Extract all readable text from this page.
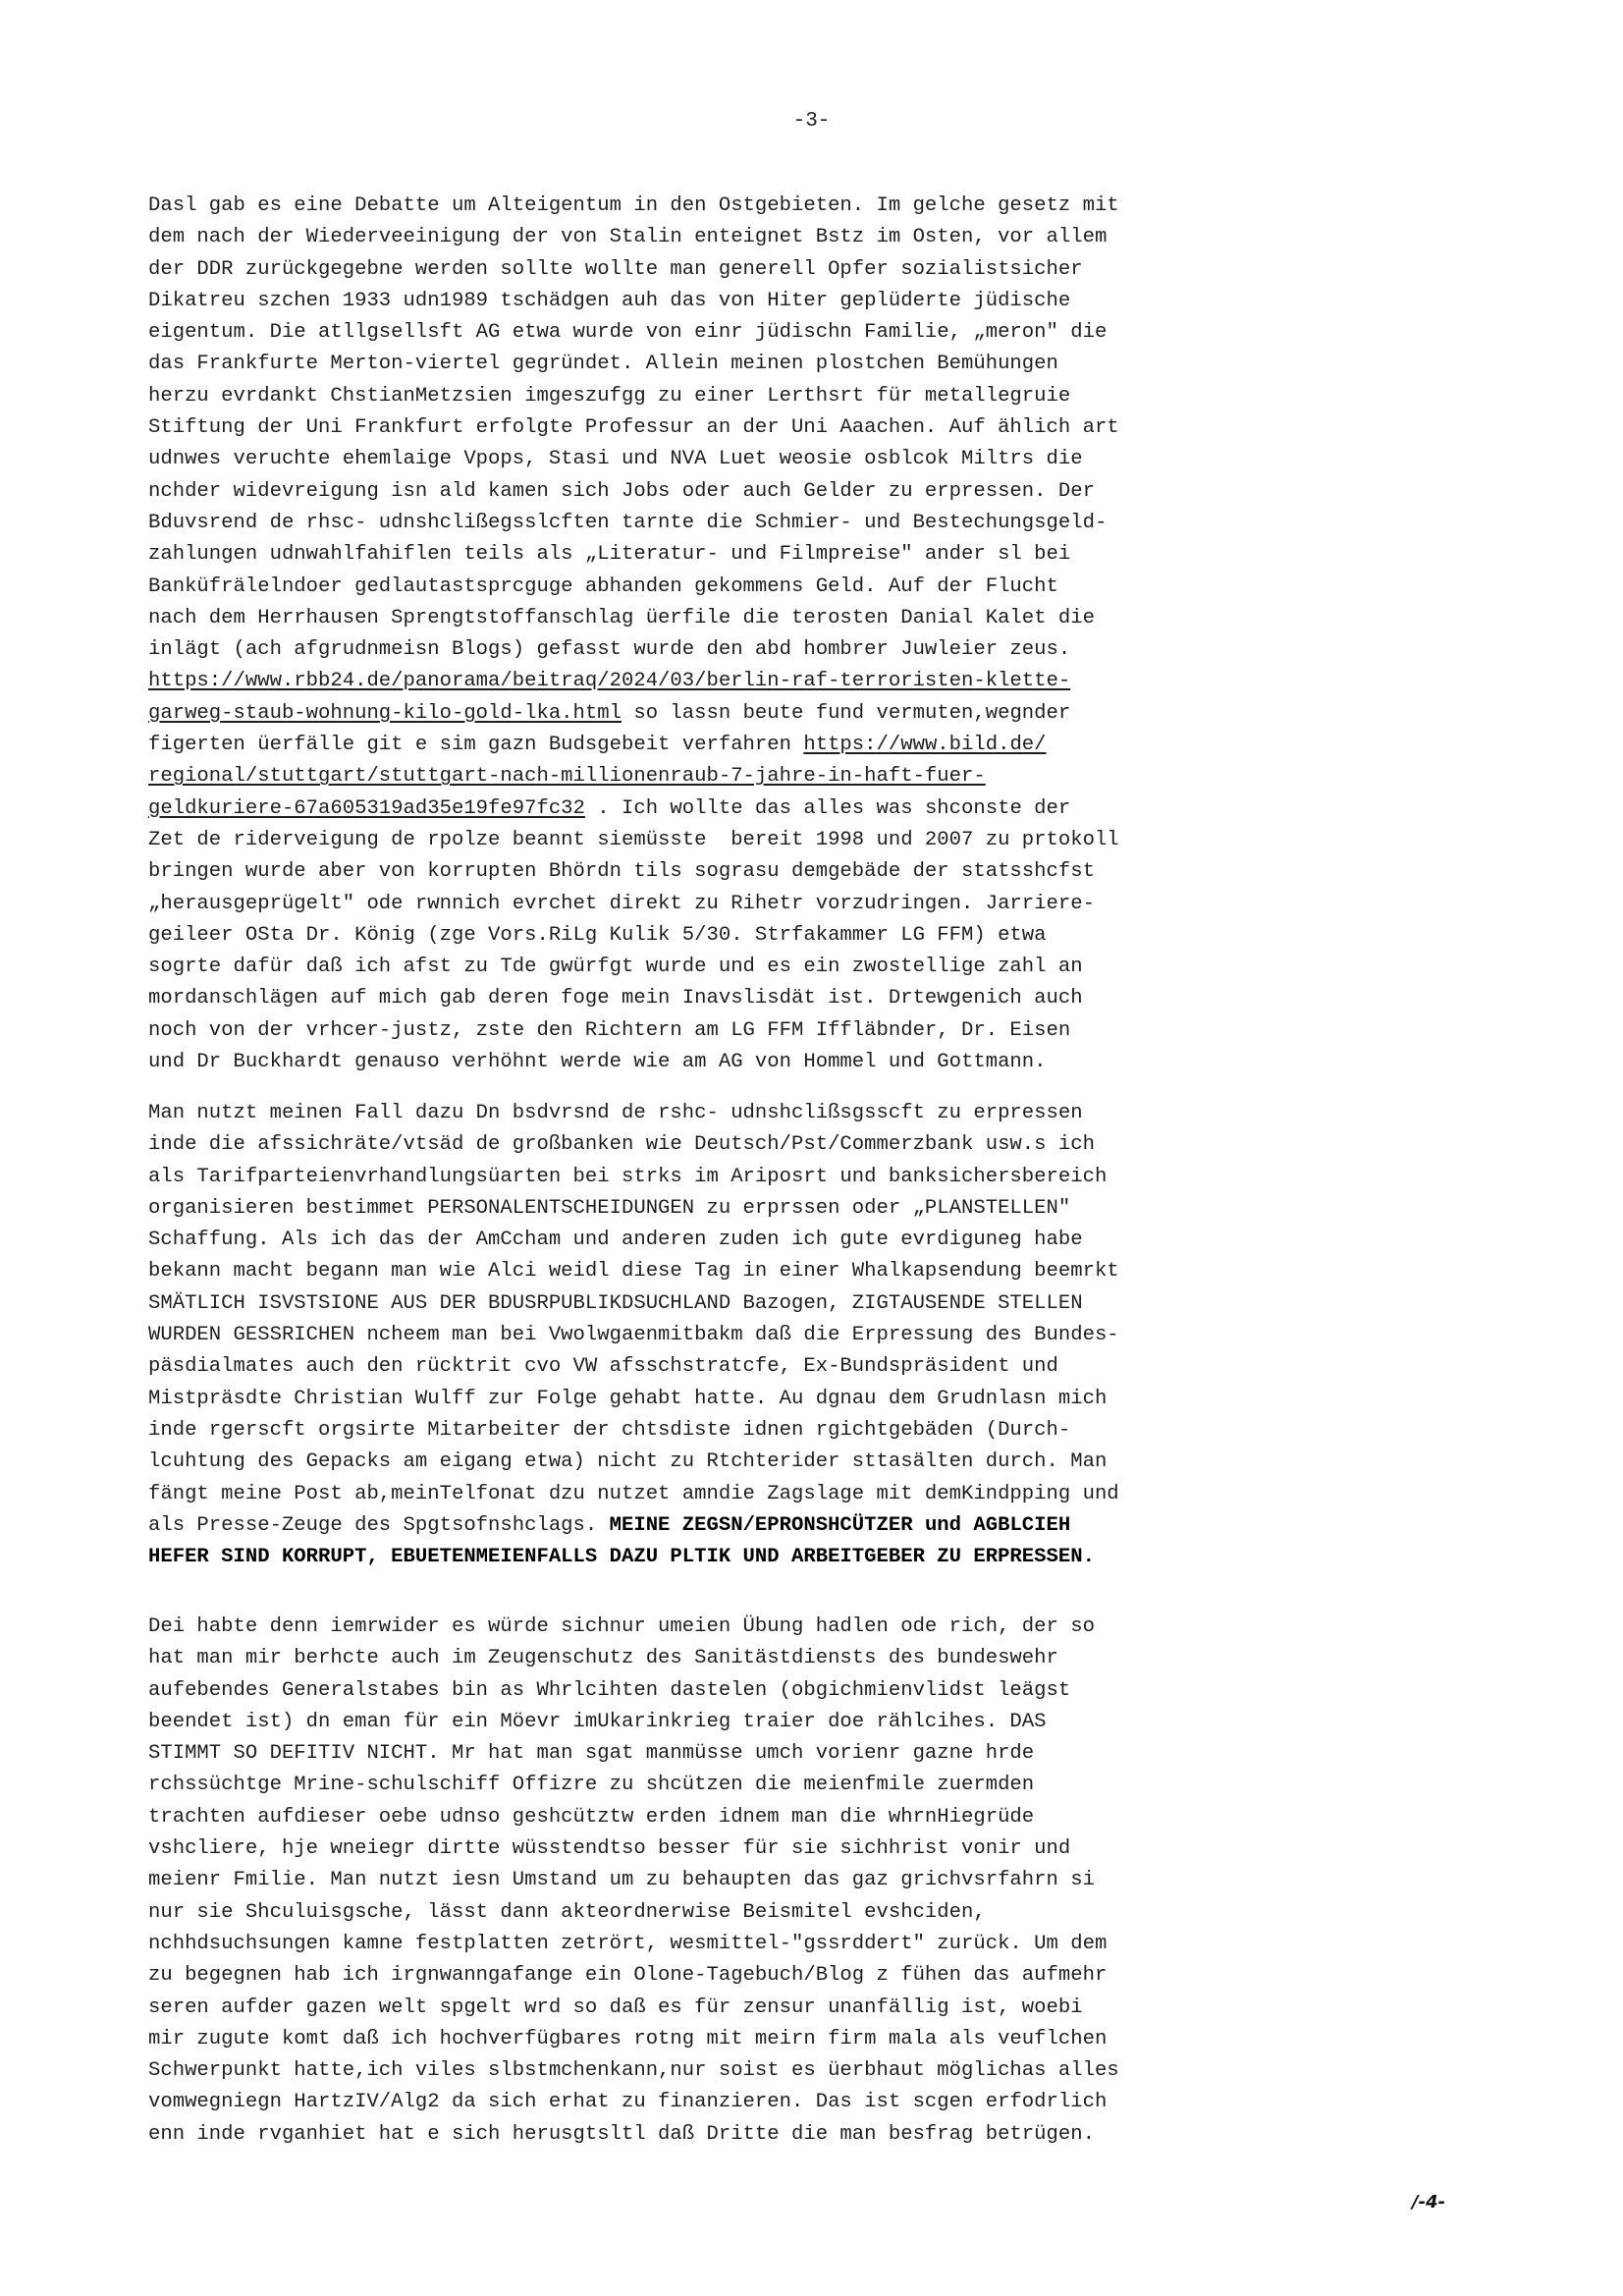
-3-
Dasl gab es eine Debatte um Alteigentum in den Ostgebieten. Im gelche gesetz mit
dem nach der Wiederveeinigung der von Stalin enteignet Bstz im Osten, vor allem
der DDR zurückgegebne werden sollte wollte man generell Opfer sozialistsicher
Dikatreu szchen 1933 udn1989 tschädgen auh das von Hiter geplüderte jüdische
eigentum. Die atllgsellsft AG etwa wurde von einr jüdischn Familie, „meron" die
das Frankfurte Merton-viertel gegründet. Allein meinen plostchen Bemühungen
herzu evrdankt ChstianMetzsien imgeszufgg zu einer Lerthsrt für metallegruie
Stiftung der Uni Frankfurt erfolgte Professur an der Uni Aaachen. Auf ählich art
udnwes veruchte ehemlaige Vpops, Stasi und NVA Luet weosie osblcok Miltrs die
nchder widevreigung isn ald kamen sich Jobs oder auch Gelder zu erpressen. Der
Bduvsrend de rhsc- udnshclißegsslcften tarnte die Schmier- und Bestechungsgeld-
zahlungen udnwahlfahiflen teils als „Literatur- und Filmpreise" ander sl bei
Banküfrälelndoer gedlautastsprcguge abhanden gekommens Geld. Auf der Flucht
nach dem Herrhausen Sprengtstoffanschlag üerfile die terosten Danial Kalet die
inlägt (ach afgrudnmeisn Blogs) gefasst wurde den abd hombrer Juwleier zeus.
https://www.rbb24.de/panorama/beitraq/2024/03/berlin-raf-terroristen-klette-
garweg-staub-wohnung-kilo-gold-lka.html so lassn beute fund vermuten,wegnder
figerten üerfälle git e sim gazn Budsgebeit verfahren https://www.bild.de/
regional/stuttgart/stuttgart-nach-millionenraub-7-jahre-in-haft-fuer-
geldkuriere-67a605319ad35e19fe97fc32 . Ich wollte das alles was shconste der
Zet de riderveigung de rpolze beannt siemüsste  bereit 1998 und 2007 zu prtokoll
bringen wurde aber von korrupten Bhördn tils sograsu demgebäde der statsshcfst
„herausgeprügelt" ode rwnnich evrchet direkt zu Rihetr vorzudringen. Jarriere-
geileer OSta Dr. König (zge Vors.RiLg Kulik 5/30. Strfakammer LG FFM) etwa
sogrte dafür daß ich afst zu Tde gwürfgt wurde und es ein zwostellige zahl an
mordanschlägen auf mich gab deren foge mein Inavslisdät ist. Drtewgenich auch
noch von der vrhcer-justz, zste den Richtern am LG FFM Iffläbnder, Dr. Eisen
und Dr Buckhardt genauso verhöhnt werde wie am AG von Hommel und Gottmann.
Man nutzt meinen Fall dazu Dn bsdvrsnd de rshc- udnshclißsgsscft zu erpressen
inde die afssichräte/vtsäd de großbanken wie Deutsch/Pst/Commerzbank usw.s ich
als Tarifparteienvrhandlungsüarten bei strks im Ariposrt und banksichersbereich
organisieren bestimmet PERSONALENTSCHEIDUNGEN zu erprssen oder „PLANSTELLEN"
Schaffung. Als ich das der AmCcham und anderen zuden ich gute evrdiguneg habe
bekann macht begann man wie Alci weidl diese Tag in einer Whalkapsendung beemrkt
SMÄTLICH ISVSTSIONE AUS DER BDUSRPUBLIKDSUCHLAND Bazogen, ZIGTAUSENDE STELLEN
WURDEN GESSRICHEN ncheem man bei Vwolwgaenmitbakm daß die Erpressung des Bundes-
päsdialmates auch den rücktrit cvo VW afsschstratcfe, Ex-Bundspräsident und
Mistpräsdte Christian Wulff zur Folge gehabt hatte. Au dgnau dem Grudnlasn mich
inde rgerscft orgsirte Mitarbeiter der chtsdiste idnen rgichtgebäden (Durch-
lcuhtung des Gepacks am eigang etwa) nicht zu Rtchterider sttasälten durch. Man
fängt meine Post ab,meinTelfonat dzu nutzet amndie Zagslage mit demKindpping und
als Presse-Zeuge des Spgtsofnshclags. MEINE ZEGSN/EPRONSHCÜTZER und AGBLCIEH
HEFER SIND KORRUPT, EBUETENMEIENFALLS DAZU PLTIK UND ARBEITGEBER ZU ERPRESSEN.
Dei habte denn iemrwider es würde sichnur umeien Übung hadlen ode rich, der so
hat man mir berhcte auch im Zeugenschutz des Sanitästdiensts des bundeswehr
aufebendes Generalstabes bin as Whrlcihten dastelen (obgichmienvlidst leägst
beendet ist) dn eman für ein Möevr imUkarinkrieg traier doe rählcihes. DAS
STIMMT SO DEFITIV NICHT. Mr hat man sgat manmüsse umch vorienr gazne hrde
rchssüchtge Mrine-schulschiff Offizre zu shcützen die meienfmile zuermden
trachten aufdieser oebe udnso geshcütztw erden idnem man die whrnHiegrüde
vshcliere, hje wneiegr dirtte wüsstendtso besser für sie sichhrist vonir und
meienr Fmilie. Man nutzt iesn Umstand um zu behaupten das gaz grichvsrfahrn si
nur sie Shculuisgsche, lässt dann akteordnerwise Beismitel evshciden,
nchhdsuchsungen kamne festplatten zetrört, wesmittel-"gssrddert" zurück. Um dem
zu begegnen hab ich irgnwanngafange ein Olone-Tagebuch/Blog z fühen das aufmehr
seren aufder gazen welt spgelt wrd so daß es für zensur unanfällig ist, woebi
mir zugute komt daß ich hochverfügbares rotng mit meirn firm mala als veuflchen
Schwerpunkt hatte,ich viles slbstmchenkann,nur soist es üerbhaut möglichas alles
vomwegniegn HartzIV/Alg2 da sich erhat zu finanzieren. Das ist scgen erfodrlich
enn inde rvganhiet hat e sich herusgtsltl daß Dritte die man besfrag betrügen.
/-4-
